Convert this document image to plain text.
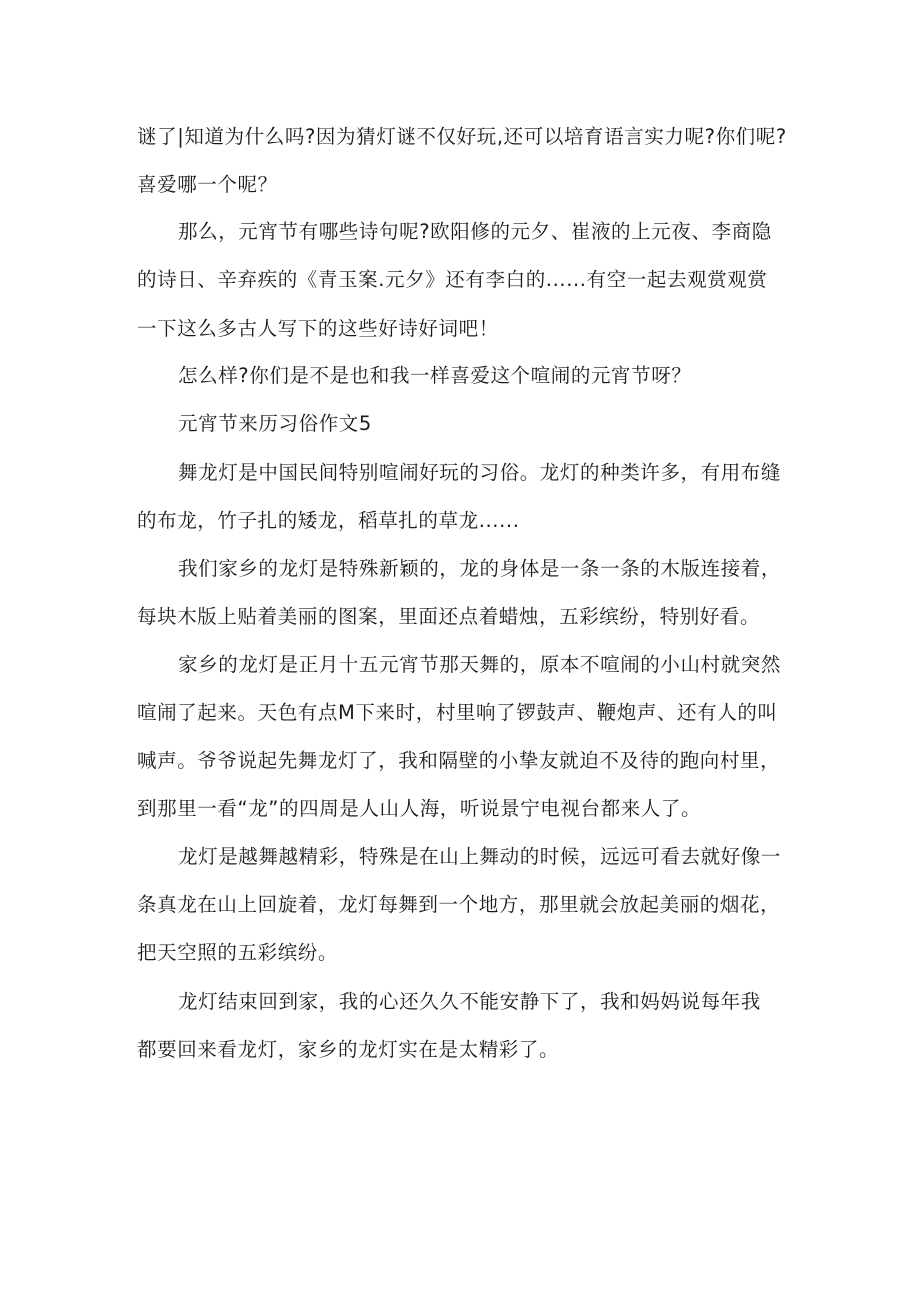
谜了|知道为什么吗?因为猜灯谜不仅好玩,还可以培育语言实力呢?你们呢?
喜爱哪一个呢？
那么，元宵节有哪些诗句呢?欧阳修的元夕、崔液的上元夜、李商隐
的诗日、辛弃疾的《青玉案.元夕》还有李白的......有空一起去观赏观赏
一下这么多古人写下的这些好诗好词吧！
怎么样?你们是不是也和我一样喜爱这个喧闹的元宵节呀？
元宵节来历习俗作文5
舞龙灯是中国民间特别喧闹好玩的习俗。龙灯的种类许多，有用布缝
的布龙，竹子扎的矮龙，稻草扎的草龙......
我们家乡的龙灯是特殊新颖的，龙的身体是一条一条的木版连接着，
每块木版上贴着美丽的图案，里面还点着蜡烛，五彩缤纷，特别好看。
家乡的龙灯是正月十五元宵节那天舞的，原本不喧闹的小山村就突然
喧闹了起来。天色有点M下来时，村里响了锣鼓声、鞭炮声、还有人的叫
喊声。爷爷说起先舞龙灯了，我和隔壁的小挚友就迫不及待的跑向村里，
到那里一看“龙”的四周是人山人海，听说景宁电视台都来人了。
龙灯是越舞越精彩，特殊是在山上舞动的时候，远远可看去就好像一
条真龙在山上回旋着，龙灯每舞到一个地方，那里就会放起美丽的烟花，
把天空照的五彩缤纷。
龙灯结束回到家，我的心还久久不能安静下了，我和妈妈说每年我
都要回来看龙灯，家乡的龙灯实在是太精彩了。
